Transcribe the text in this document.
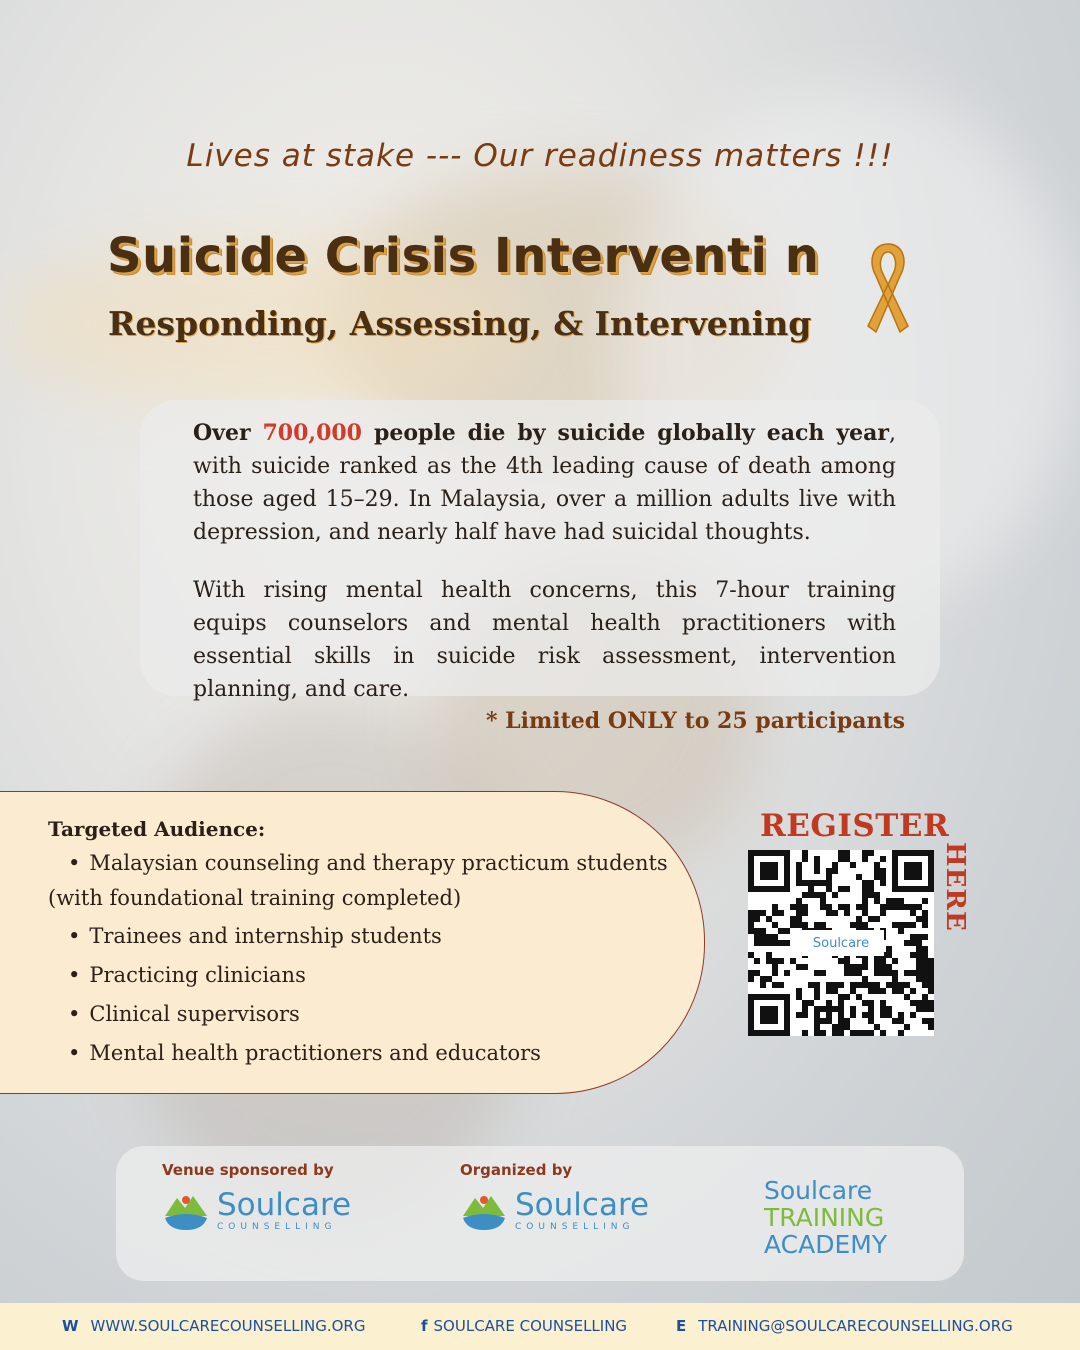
Lives at stake --- Our readiness matters !!!
Suicide Crisis Interventi n
Responding, Assessing, & Intervening

Over 700,000 people die by suicide globally each year, with suicide ranked as the 4th leading cause of death among those aged 15–29. In Malaysia, over a million adults live with depression, and nearly half have had suicidal thoughts.

With rising mental health concerns, this 7-hour training equips counselors and mental health practitioners with essential skills in suicide risk assessment, intervention planning, and care.

* Limited ONLY to 25 participants
Targeted Audience:
• Malaysian counseling and therapy practicum students
(with foundational training completed)
• Trainees and internship students
• Practicing clinicians
• Clinical supervisors
• Mental health practitioners and educators
REGISTER
HERE
Soulcare
Venue sponsored by	Organized by
Soulcare
COUNSELLING
Soulcare
COUNSELLING
Soulcare
TRAINING
ACADEMY
W WWW.SOULCARECOUNSELLING.ORG	f SOULCARE COUNSELLING	E TRAINING@SOULCARECOUNSELLING.ORG
